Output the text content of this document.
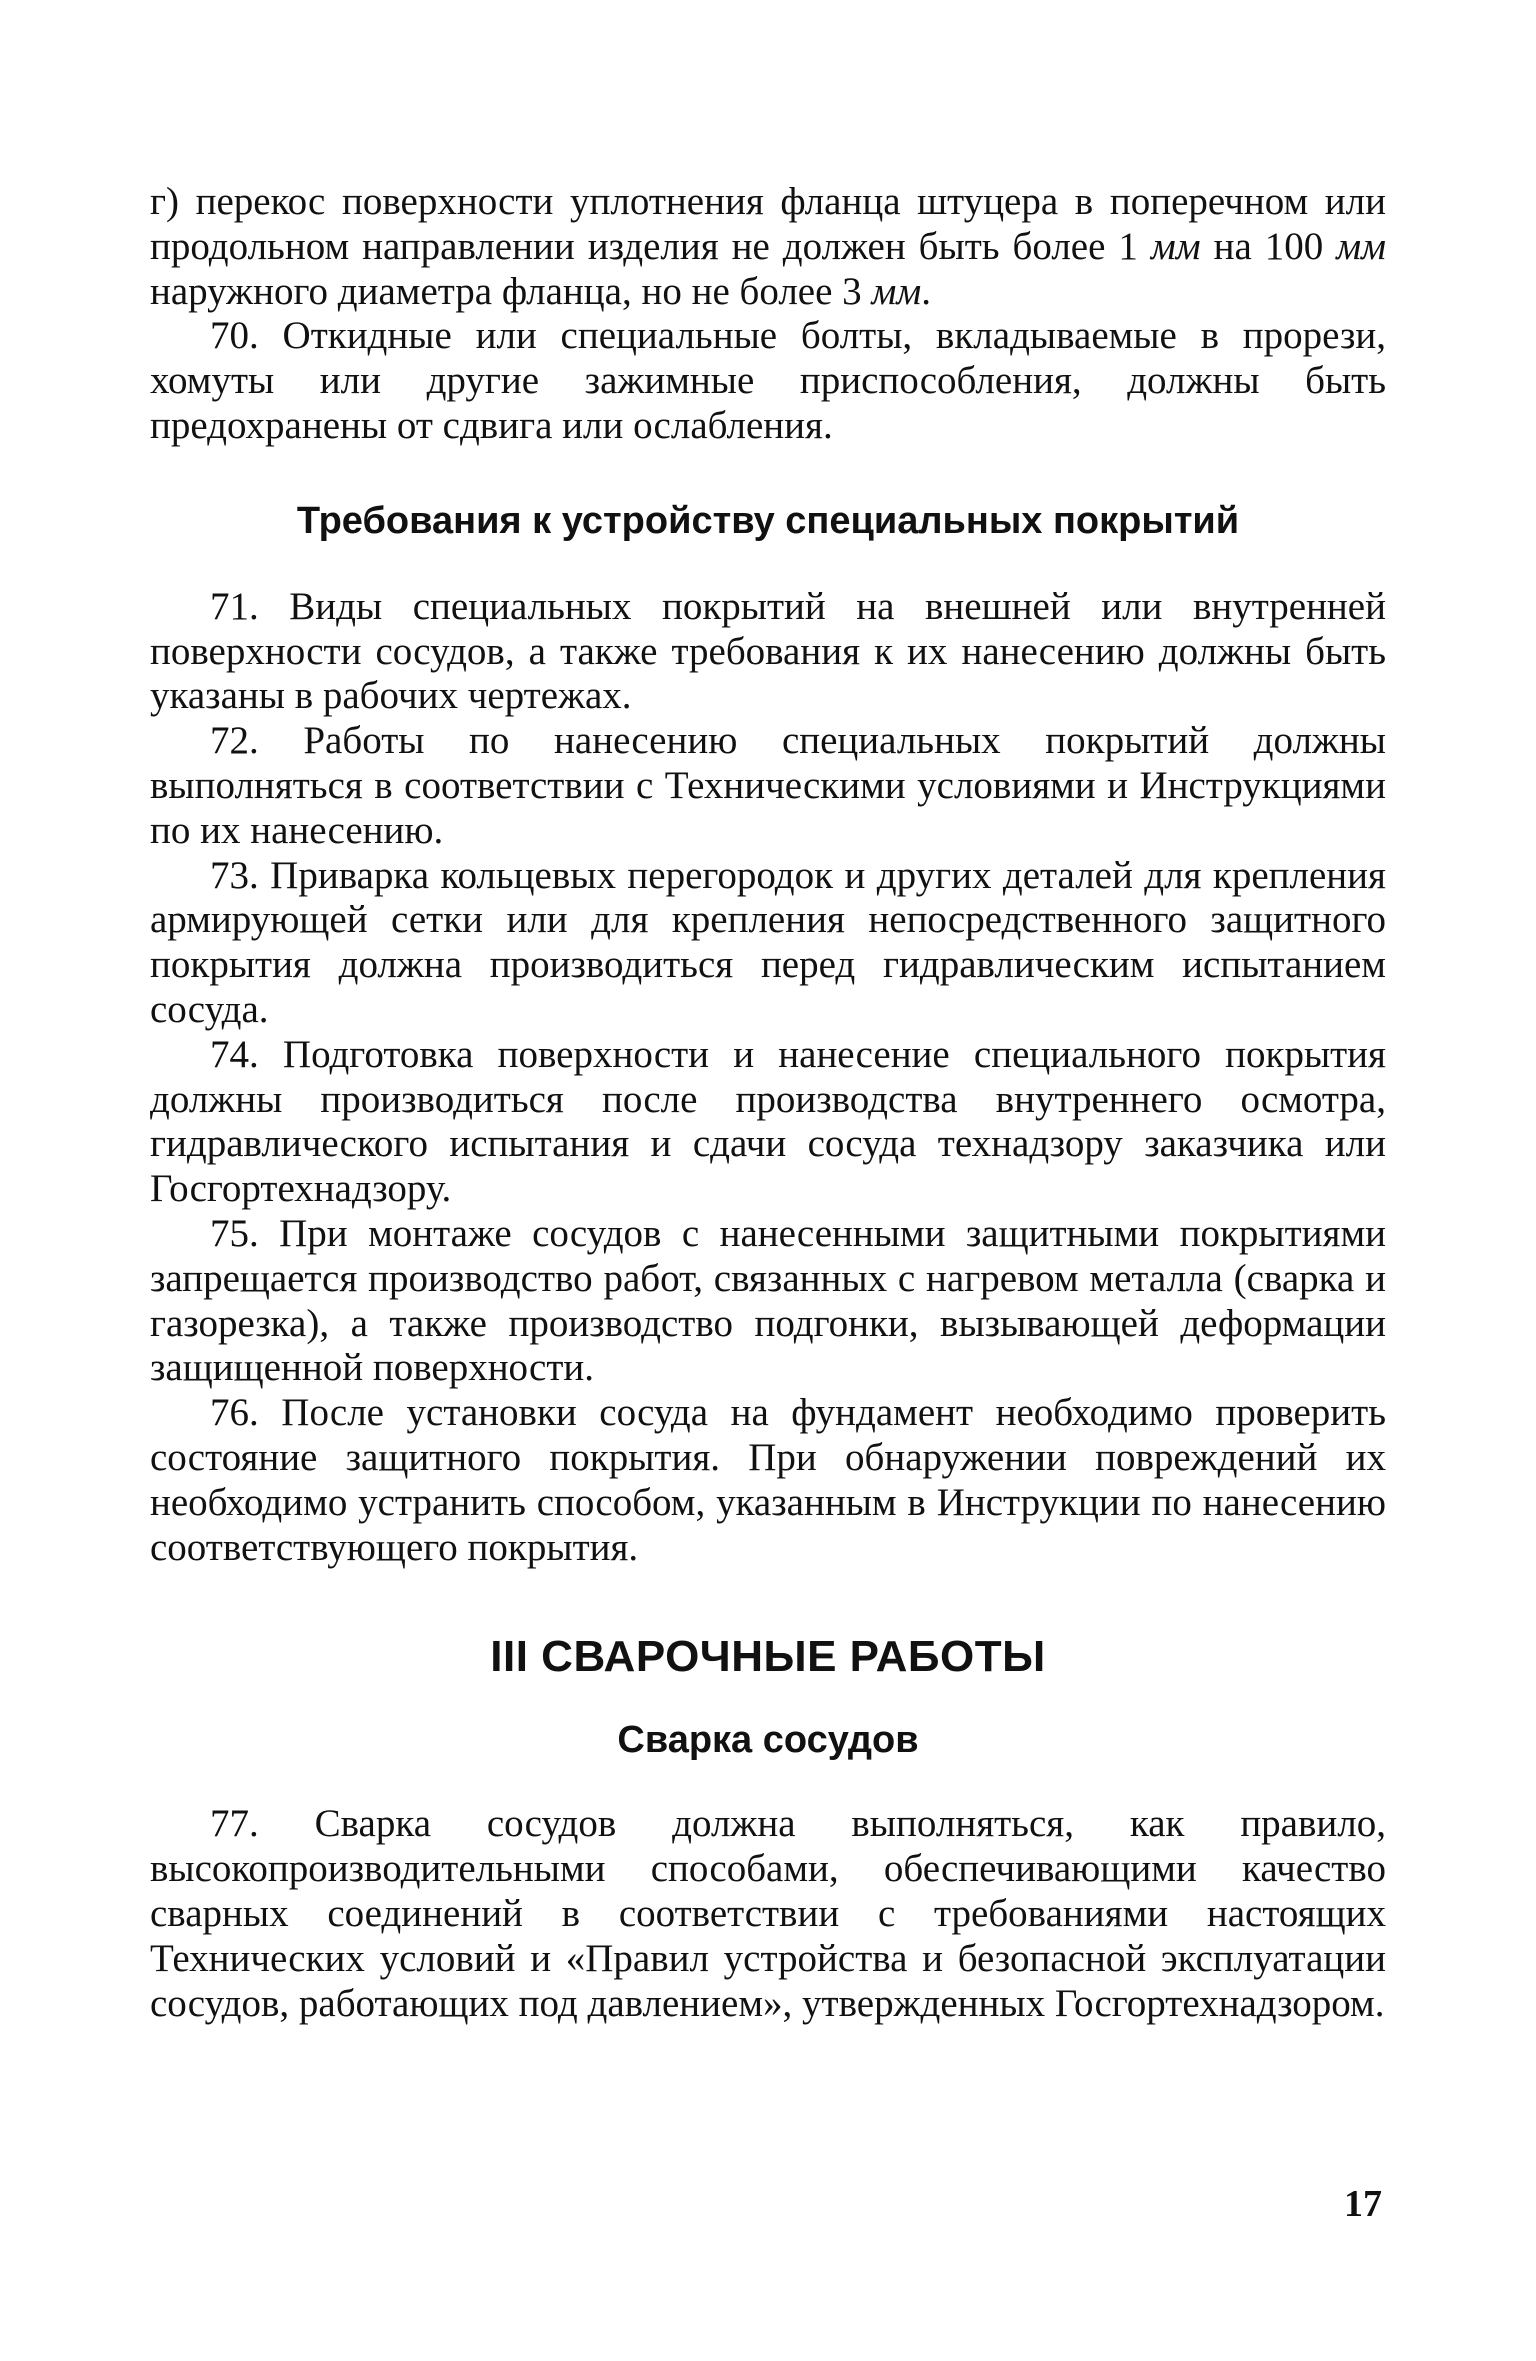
г) перекос поверхности уплотнения фланца штуцера в поперечном или продольном направлении изделия не должен быть более 1 мм на 100 мм наружного диаметра фланца, но не более 3 мм.

70. Откидные или специальные болты, вкладываемые в прорези, хомуты или другие зажимные приспособления, должны быть предохранены от сдвига или ослабления.

Требования к устройству специальных покрытий

71. Виды специальных покрытий на внешней или внутренней поверхности сосудов, а также требования к их нанесению должны быть указаны в рабочих чертежах.

72. Работы по нанесению специальных покрытий должны выполняться в соответствии с Техническими условиями и Инструкциями по их нанесению.

73. Приварка кольцевых перегородок и других деталей для крепления армирующей сетки или для крепления непосредственного защитного покрытия должна производиться перед гидравлическим испытанием сосуда.

74. Подготовка поверхности и нанесение специального покрытия должны производиться после производства внутреннего осмотра, гидравлического испытания и сдачи сосуда технадзору заказчика или Госгортехнадзору.

75. При монтаже сосудов с нанесенными защитными покрытиями запрещается производство работ, связанных с нагревом металла (сварка и газорезка), а также производство подгонки, вызывающей деформации защищенной поверхности.

76. После установки сосуда на фундамент необходимо проверить состояние защитного покрытия. При обнаружении повреждений их необходимо устранить способом, указанным в Инструкции по нанесению соответствующего покрытия.

III СВАРОЧНЫЕ РАБОТЫ
Сварка сосудов

77. Сварка сосудов должна выполняться, как правило, высокопроизводительными способами, обеспечивающими качество сварных соединений в соответствии с требованиями настоящих Технических условий и «Правил устройства и безопасной эксплуатации сосудов, работающих под давлением», утвержденных Госгортехнадзором.

17
